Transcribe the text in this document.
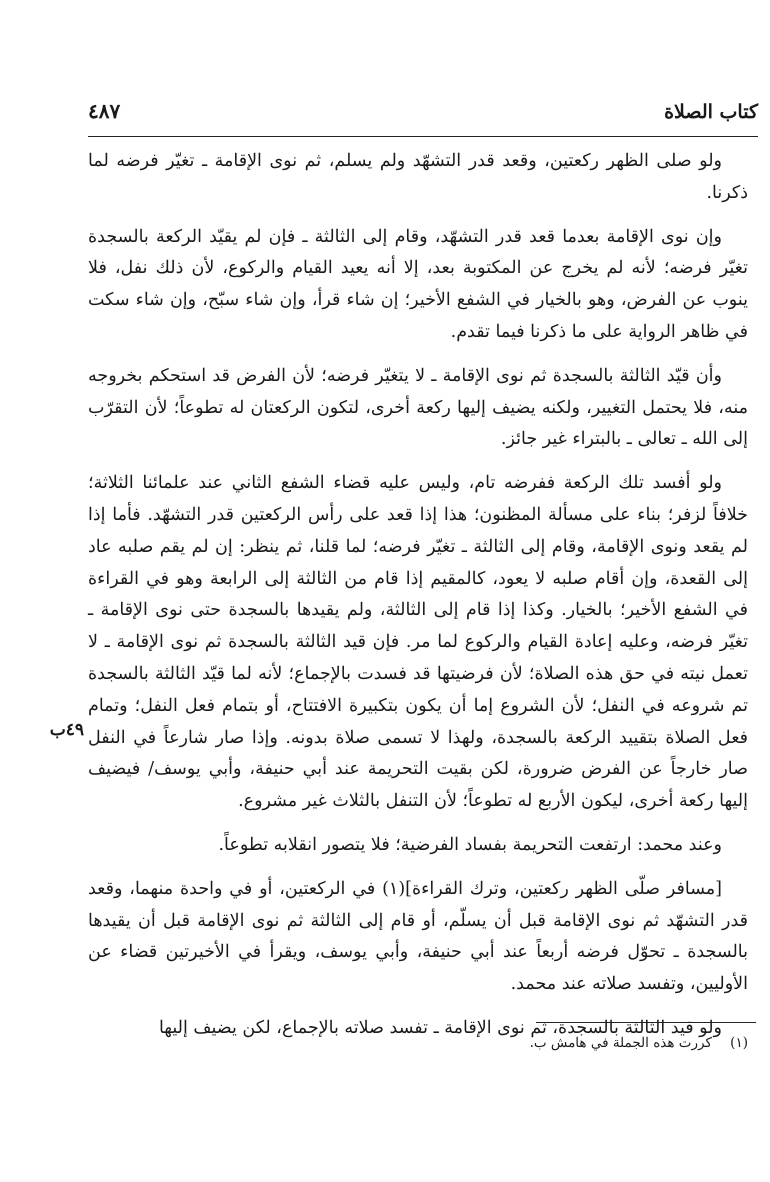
كتاب الصلاة
٤٨٧
٤٩ب

ولو صلى الظهر ركعتين، وقعد قدر التشهّد ولم يسلم، ثم نوى الإقامة ـ تغيّر فرضه لما ذكرنا.

وإن نوى الإقامة بعدما قعد قدر التشهّد، وقام إلى الثالثة ـ فإن لم يقيّد الركعة بالسجدة تغيّر فرضه؛ لأنه لم يخرج عن المكتوبة بعد، إلا أنه يعيد القيام والركوع، لأن ذلك نفل، فلا ينوب عن الفرض، وهو بالخيار في الشفع الأخير؛ إن شاء قرأ، وإن شاء سبّح، وإن شاء سكت في ظاهر الرواية على ما ذكرنا فيما تقدم.

وأن قيّد الثالثة بالسجدة ثم نوى الإقامة ـ لا يتغيّر فرضه؛ لأن الفرض قد استحكم بخروجه منه، فلا يحتمل التغيير، ولكنه يضيف إليها ركعة أخرى، لتكون الركعتان له تطوعاً؛ لأن التقرّب إلى الله ـ تعالى ـ بالبتراء غير جائز.

ولو أفسد تلك الركعة ففرضه تام، وليس عليه قضاء الشفع الثاني عند علمائنا الثلاثة؛ خلافاً لزفر؛ بناء على مسألة المظنون؛ هذا إذا قعد على رأس الركعتين قدر التشهّد. فأما إذا لم يقعد ونوى الإقامة، وقام إلى الثالثة ـ تغيّر فرضه؛ لما قلنا، ثم ينظر: إن لم يقم صلبه عاد إلى القعدة، وإن أقام صلبه لا يعود، كالمقيم إذا قام من الثالثة إلى الرابعة وهو في القراءة في الشفع الأخير؛ بالخيار. وكذا إذا قام إلى الثالثة، ولم يقيدها بالسجدة حتى نوى الإقامة ـ تغيّر فرضه، وعليه إعادة القيام والركوع لما مر. فإن قيد الثالثة بالسجدة ثم نوى الإقامة ـ لا تعمل نيته في حق هذه الصلاة؛ لأن فرضيتها قد فسدت بالإجماع؛ لأنه لما قيّد الثالثة بالسجدة تم شروعه في النفل؛ لأن الشروع إما أن يكون بتكبيرة الافتتاح، أو بتمام فعل النفل؛ وتمام فعل الصلاة بتقييد الركعة بالسجدة، ولهذا لا تسمى صلاة بدونه. وإذا صار شارعاً في النفل صار خارجاً عن الفرض ضرورة، لكن بقيت التحريمة عند أبي حنيفة، وأبي يوسف/ فيضيف إليها ركعة أخرى، ليكون الأربع له تطوعاً؛ لأن التنفل بالثلاث غير مشروع.

وعند محمد: ارتفعت التحريمة بفساد الفرضية؛ فلا يتصور انقلابه تطوعاً.

[مسافر صلّى الظهر ركعتين، وترك القراءة](١) في الركعتين، أو في واحدة منهما، وقعد قدر التشهّد ثم نوى الإقامة قبل أن يسلّم، أو قام إلى الثالثة ثم نوى الإقامة قبل أن يقيدها بالسجدة ـ تحوّل فرضه أربعاً عند أبي حنيفة، وأبي يوسف، ويقرأ في الأخيرتين قضاء عن الأوليين، وتفسد صلاته عند محمد.

ولو قيد الثالثة بالسجدة، ثم نوى الإقامة ـ تفسد صلاته بالإجماع، لكن يضيف إليها

(١) كررت هذه الجملة في هامش ب.
